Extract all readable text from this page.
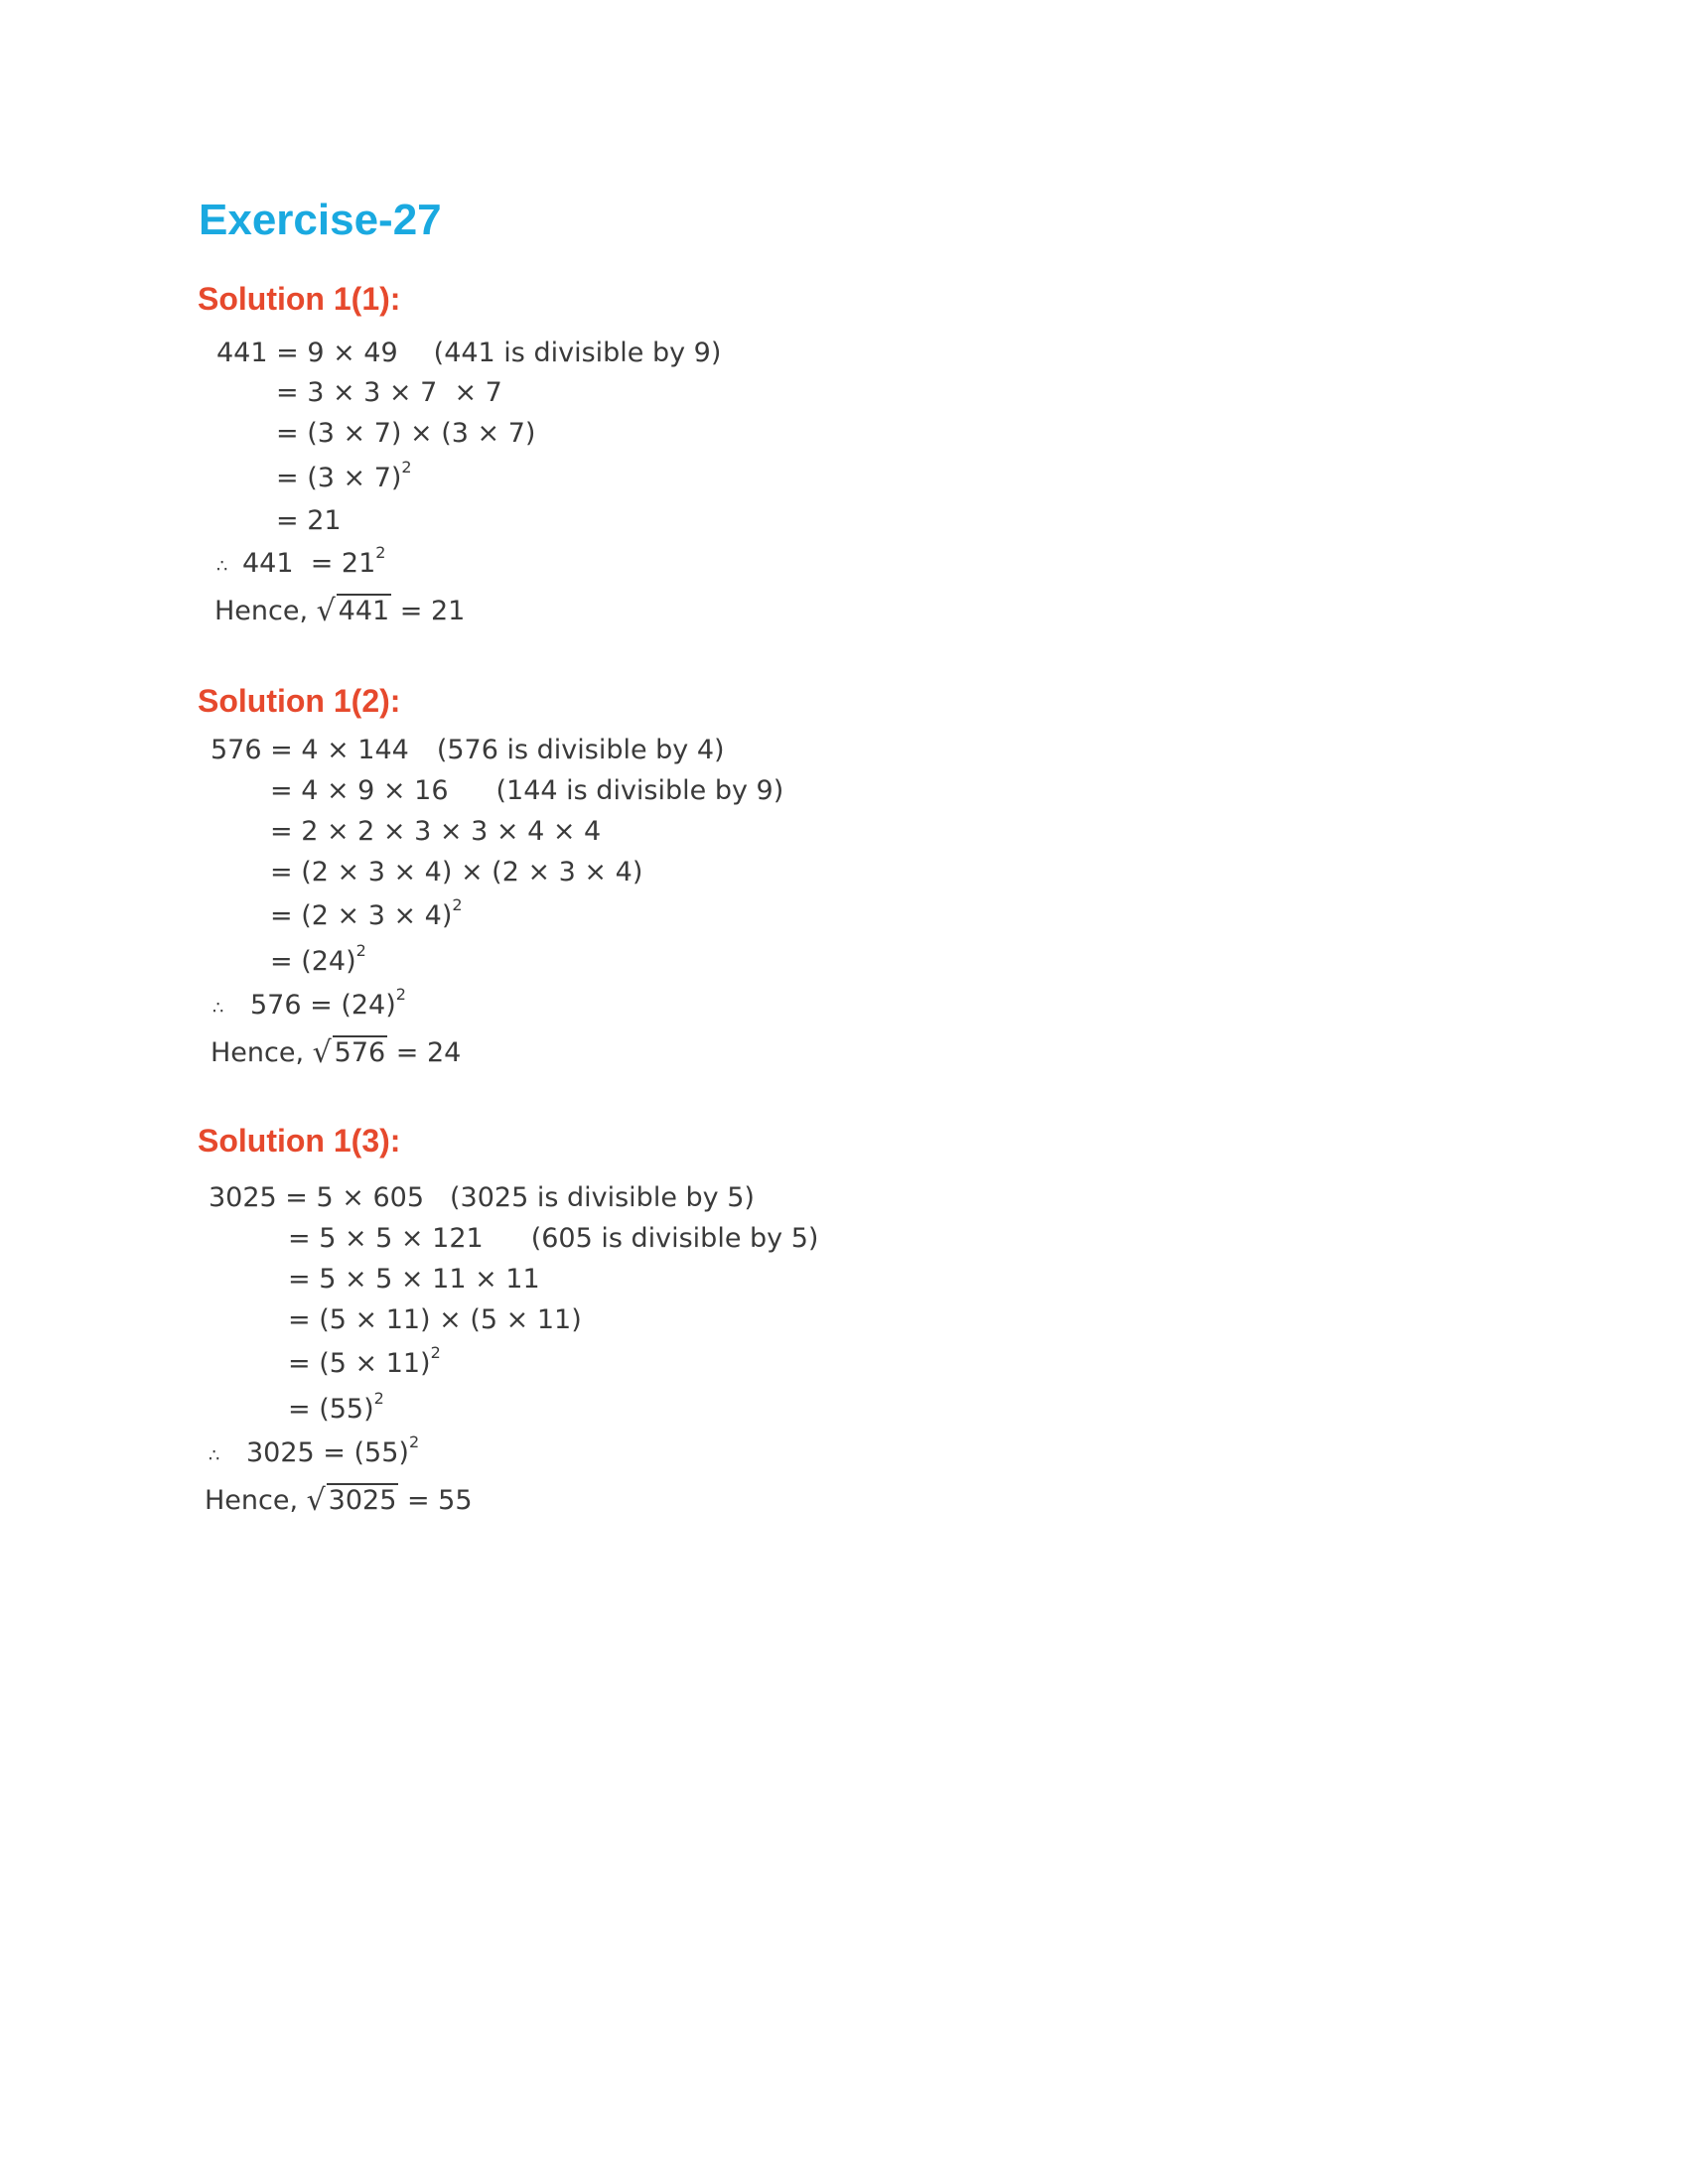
Exercise-27
Solution 1(1):

441 = 9 × 49 (441 is divisible by 9)

= 3 × 3 × 7  × 7

= (3 × 7) × (3 × 7)

= $(3 \times 7)^2$

= 21

∴ $441 = 21^2$

Hence, √ 441 = 21

Solution 1(2):

576 = 4 × 144 (576 is divisible by 4)

= 4 × 9 × 16 (144 is divisible by 9)

= 2 × 2 × 3 × 3 × 4 × 4

= (2 × 3 × 4) × (2 × 3 × 4)

= $(2 \times 3 \times 4)^2$

= $(24)^2$

∴ $576 = (24)^2$

Hence, √ 576 = 24

Solution 1(3):

3025 = 5 × 605 (3025 is divisible by 5)

= 5 × 5 × 121 (605 is divisible by 5)

= 5 × 5 × 11 × 11

= (5 × 11) × (5 × 11)

= $(5 \times 11)^2$

= $(55)^2$

∴ $3025 = (55)^2$

Hence, √ 3025 = 55
